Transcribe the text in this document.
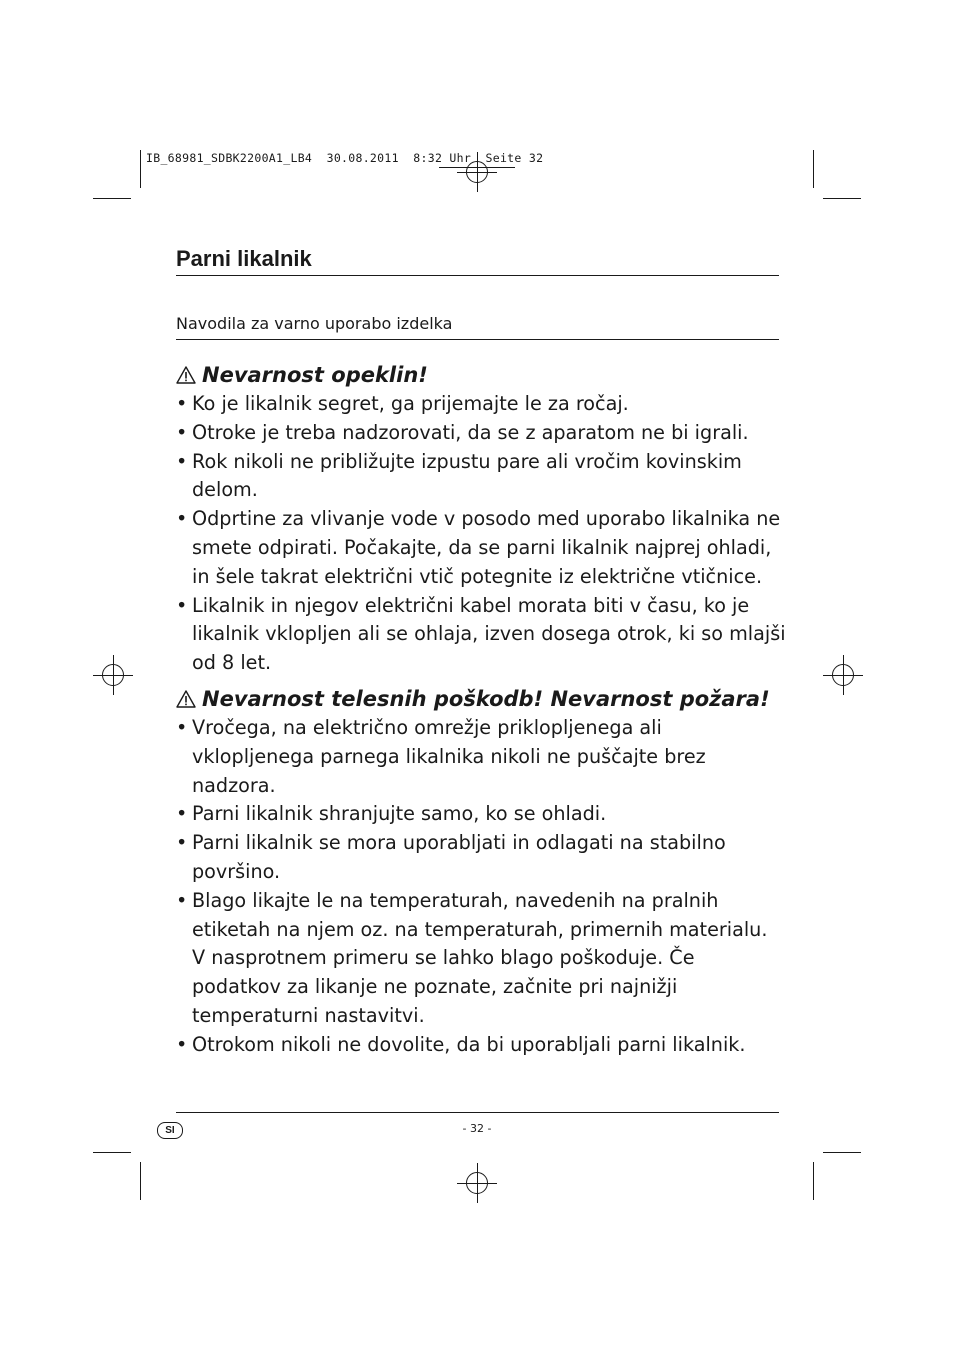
IB_68981_SDBK2200A1_LB4  30.08.2011  8:32 Uhr  Seite 32
Parni likalnik
Navodila za varno uporabo izdelka
Nevarnost opeklin!
• Ko je likalnik segret, ga prijemajte le za ročaj.
• Otroke je treba nadzorovati, da se z aparatom ne bi igrali.
• Rok nikoli ne približujte izpustu pare ali vročim kovinskim delom.
• Odprtine za vlivanje vode v posodo med uporabo likalnika ne smete odpirati. Počakajte, da se parni likalnik najprej ohladi, in šele takrat električni vtič potegnite iz električne vtičnice.
• Likalnik in njegov električni kabel morata biti v času, ko je likalnik vklopljen ali se ohlaja, izven dosega otrok, ki so mlajši od 8 let.
Nevarnost telesnih poškodb! Nevarnost požara!
• Vročega, na električno omrežje priklopljenega ali vklopljenega parnega likalnika nikoli ne puščajte brez nadzora.
• Parni likalnik shranjujte samo, ko se ohladi.
• Parni likalnik se mora uporabljati in odlagati na stabilno površino.
• Blago likajte le na temperaturah, navedenih na pralnih etiketah na njem oz. na temperaturah, primernih materialu. V nasprotnem primeru se lahko blago poškoduje. Če podatkov za likanje ne poznate, začnite pri najnižji temperaturni nastavitvi.
• Otrokom nikoli ne dovolite, da bi uporabljali parni likalnik.
SI	- 32 -
